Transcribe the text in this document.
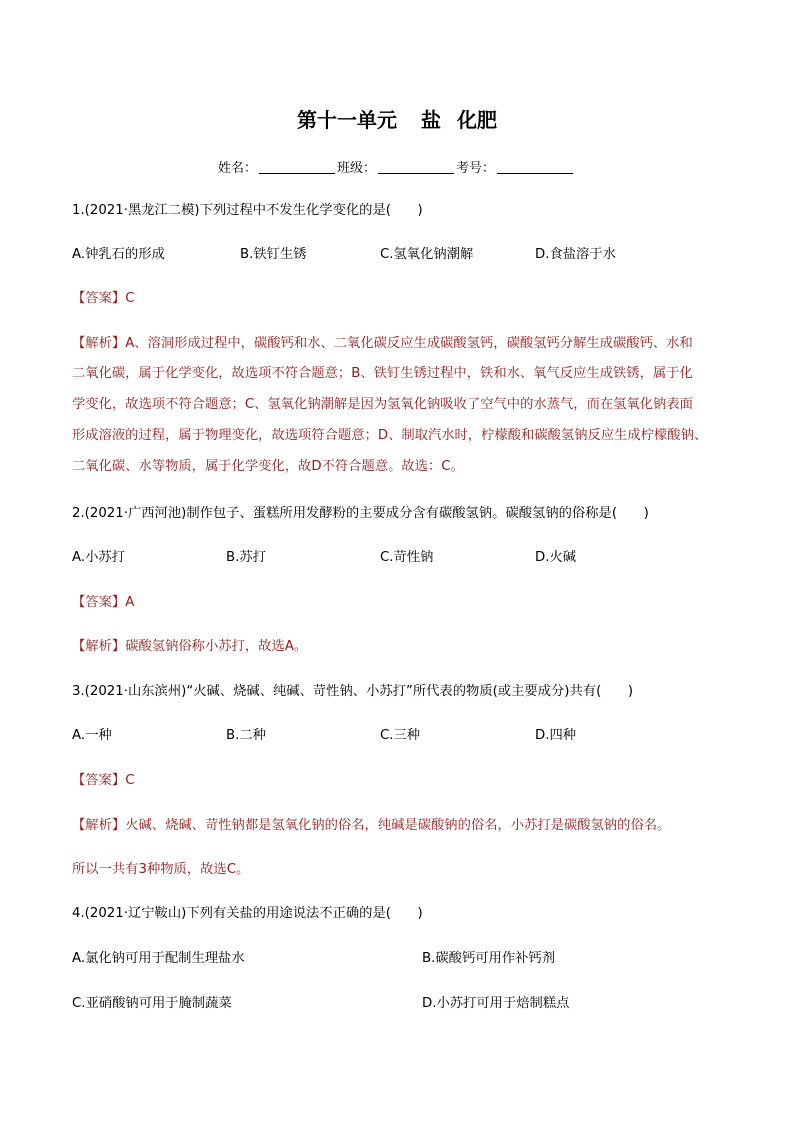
第十一单元 盐 化肥
姓名：	班级：	考号：
1.(2021·黑龙江二模)下列过程中不发生化学变化的是(　　)
A.钟乳石的形成	B.铁钉生锈	C.氢氧化钠潮解	D.食盐溶于水
【答案】C
【解析】A、溶洞形成过程中，碳酸钙和水、二氧化碳反应生成碳酸氢钙，碳酸氢钙分解生成碳酸钙、水和
二氧化碳，属于化学变化，故选项不符合题意；B、铁钉生锈过程中，铁和水、氧气反应生成铁锈，属于化
学变化，故选项不符合题意；C、氢氧化钠潮解是因为氢氧化钠吸收了空气中的水蒸气，而在氢氧化钠表面
形成溶液的过程，属于物理变化，故选项符合题意；D、制取汽水时，柠檬酸和碳酸氢钠反应生成柠檬酸钠、
二氧化碳、水等物质，属于化学变化，故D不符合题意。故选：C。
2.(2021·广西河池)制作包子、蛋糕所用发酵粉的主要成分含有碳酸氢钠。碳酸氢钠的俗称是(　　)
A.小苏打	B.苏打	C.苛性钠	D.火碱
【答案】A
【解析】碳酸氢钠俗称小苏打，故选A。
3.(2021·山东滨州)“火碱、烧碱、纯碱、苛性钠、小苏打”所代表的物质(或主要成分)共有(　　)
A.一种	B.二种	C.三种	D.四种
【答案】C
【解析】火碱、烧碱、苛性钠都是氢氧化钠的俗名，纯碱是碳酸钠的俗名，小苏打是碳酸氢钠的俗名。
所以一共有3种物质，故选C。
4.(2021·辽宁鞍山)下列有关盐的用途说法不正确的是(　　)
A.氯化钠可用于配制生理盐水	B.碳酸钙可用作补钙剂
C.亚硝酸钠可用于腌制蔬菜	D.小苏打可用于焙制糕点
